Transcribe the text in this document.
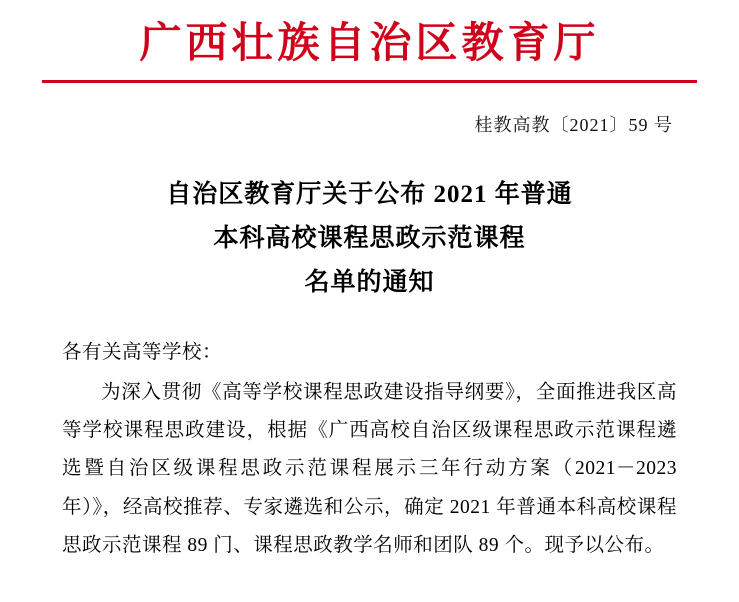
广西壮族自治区教育厅
桂教高教〔2021〕59 号
自治区教育厅关于公布 2021 年普通
本科高校课程思政示范课程
名单的通知

各有关高等学校：

为深入贯彻《高等学校课程思政建设指导纲要》，全面推进我区高等学校课程思政建设，根据《广西高校自治区级课程思政示范课程遴选暨自治区级课程思政示范课程展示三年行动方案（2021－2023 年）》，经高校推荐、专家遴选和公示，确定 2021 年普通本科高校课程思政示范课程 89 门、课程思政教学名师和团队 89 个。现予以公布。
